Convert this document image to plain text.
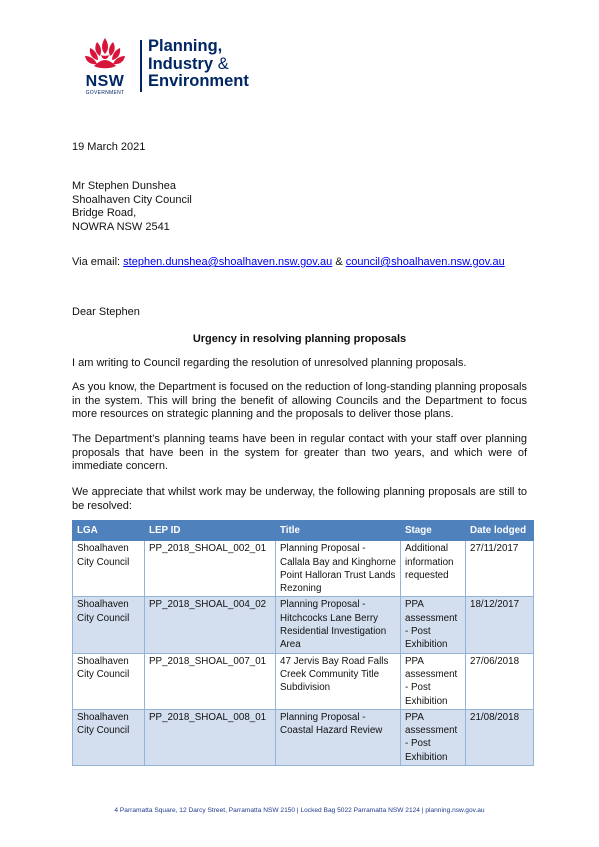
NSW
GOVERNMENT
Planning,
Industry &
Environment
19 March 2021
Mr Stephen Dunshea
Shoalhaven City Council
Bridge Road,
NOWRA NSW 2541
Via email: stephen.dunshea@shoalhaven.nsw.gov.au & council@shoalhaven.nsw.gov.au
Dear Stephen
Urgency in resolving planning proposals
I am writing to Council regarding the resolution of unresolved planning proposals.
As you know, the Department is focused on the reduction of long-standing planning proposals in the system. This will bring the benefit of allowing Councils and the Department to focus more resources on strategic planning and the proposals to deliver those plans.
The Department’s planning teams have been in regular contact with your staff over planning proposals that have been in the system for greater than two years, and which were of immediate concern.
We appreciate that whilst work may be underway, the following planning proposals are still to be resolved:
LGA	LEP ID	Title	Stage	Date lodged
Shoalhaven City Council	PP_2018_SHOAL_002_01	Planning Proposal - Callala Bay and Kinghorne Point Halloran Trust Lands Rezoning	Additional information requested	27/11/2017
Shoalhaven City Council	PP_2018_SHOAL_004_02	Planning Proposal - Hitchcocks Lane Berry Residential Investigation Area	PPA assessment - Post Exhibition	18/12/2017
Shoalhaven City Council	PP_2018_SHOAL_007_01	47 Jervis Bay Road Falls Creek Community Title Subdivision	PPA assessment - Post Exhibition	27/06/2018
Shoalhaven City Council	PP_2018_SHOAL_008_01	Planning Proposal - Coastal Hazard Review	PPA assessment - Post Exhibition	21/08/2018
4 Parramatta Square, 12 Darcy Street, Parramatta NSW 2150 | Locked Bag 5022 Parramatta NSW 2124 | planning.nsw.gov.au
